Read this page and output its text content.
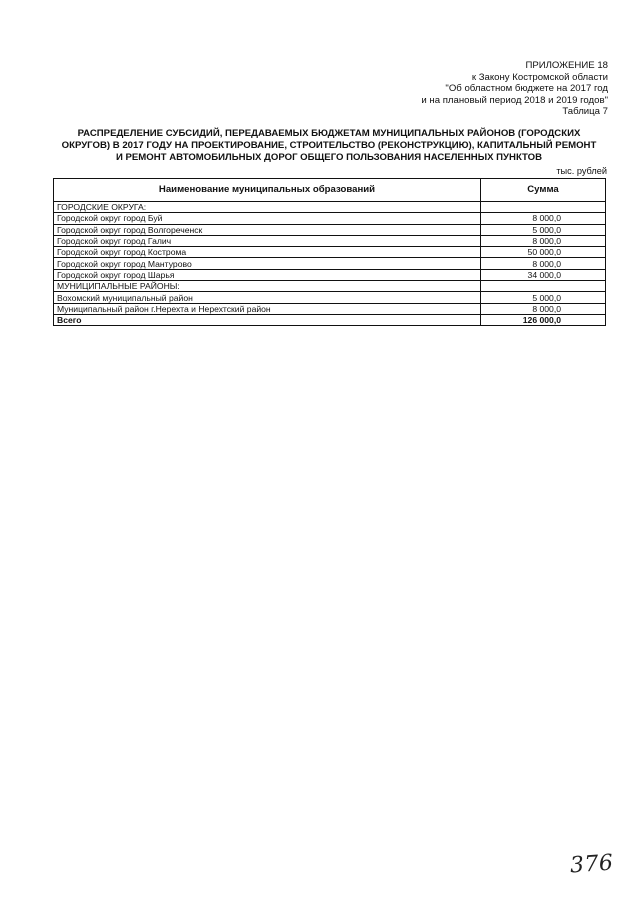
ПРИЛОЖЕНИЕ 18
к Закону Костромской области
"Об областном бюджете на 2017 год
и на плановый период 2018 и 2019 годов"
Таблица 7
РАСПРЕДЕЛЕНИЕ СУБСИДИЙ, ПЕРЕДАВАЕМЫХ БЮДЖЕТАМ МУНИЦИПАЛЬНЫХ РАЙОНОВ (ГОРОДСКИХ
ОКРУГОВ) В 2017 ГОДУ НА ПРОЕКТИРОВАНИЕ, СТРОИТЕЛЬСТВО (РЕКОНСТРУКЦИЮ), КАПИТАЛЬНЫЙ РЕМОНТ
И РЕМОНТ АВТОМОБИЛЬНЫХ ДОРОГ ОБЩЕГО ПОЛЬЗОВАНИЯ НАСЕЛЕННЫХ ПУНКТОВ
тыс. рублей
Наименование муниципальных образований	Сумма
ГОРОДСКИЕ ОКРУГА:	
Городской округ город Буй	8 000,0
Городской округ город Волгореченск	5 000,0
Городской округ город Галич	8 000,0
Городской округ город Кострома	50 000,0
Городской округ город Мантурово	8 000,0
Городской округ город Шарья	34 000,0
МУНИЦИПАЛЬНЫЕ РАЙОНЫ:	
Вохомский муниципальный район	5 000,0
Муниципальный район г.Нерехта и Нерехтский район	8 000,0
Всего	126 000,0
376
